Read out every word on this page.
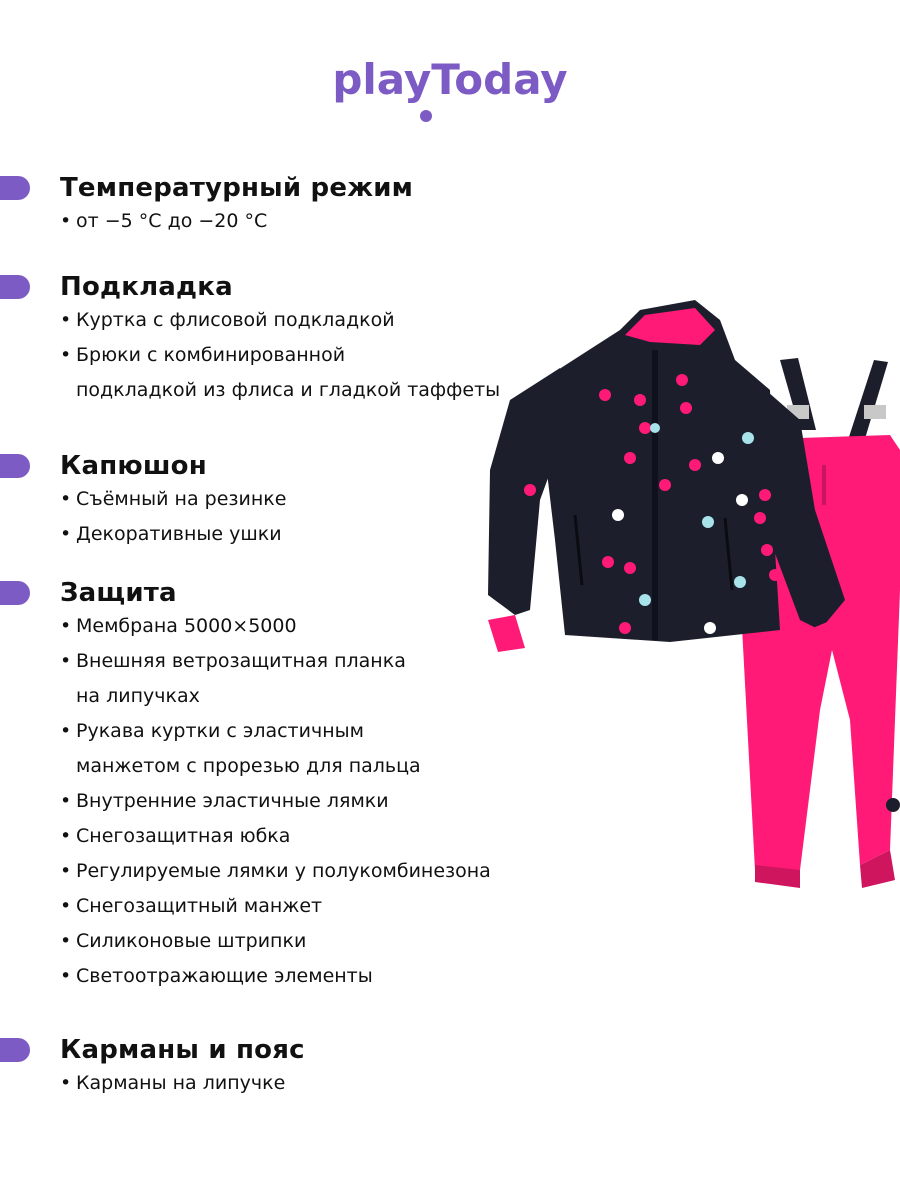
playToday
Температурный режим
• от −5 °С до −20 °С
Подкладка
• Куртка с флисовой подкладкой
• Брюки с комбинированной
подкладкой из флиса и гладкой таффеты
Капюшон
• Съёмный на резинке
• Декоративные ушки
Защита
• Мембрана 5000×5000
• Внешняя ветрозащитная планка
на липучках
• Рукава куртки с эластичным
манжетом с прорезью для пальца
• Внутренние эластичные лямки
• Снегозащитная юбка
• Регулируемые лямки у полукомбинезона
• Снегозащитный манжет
• Силиконовые штрипки
• Светоотражающие элементы
Карманы и пояс
• Карманы на липучке
